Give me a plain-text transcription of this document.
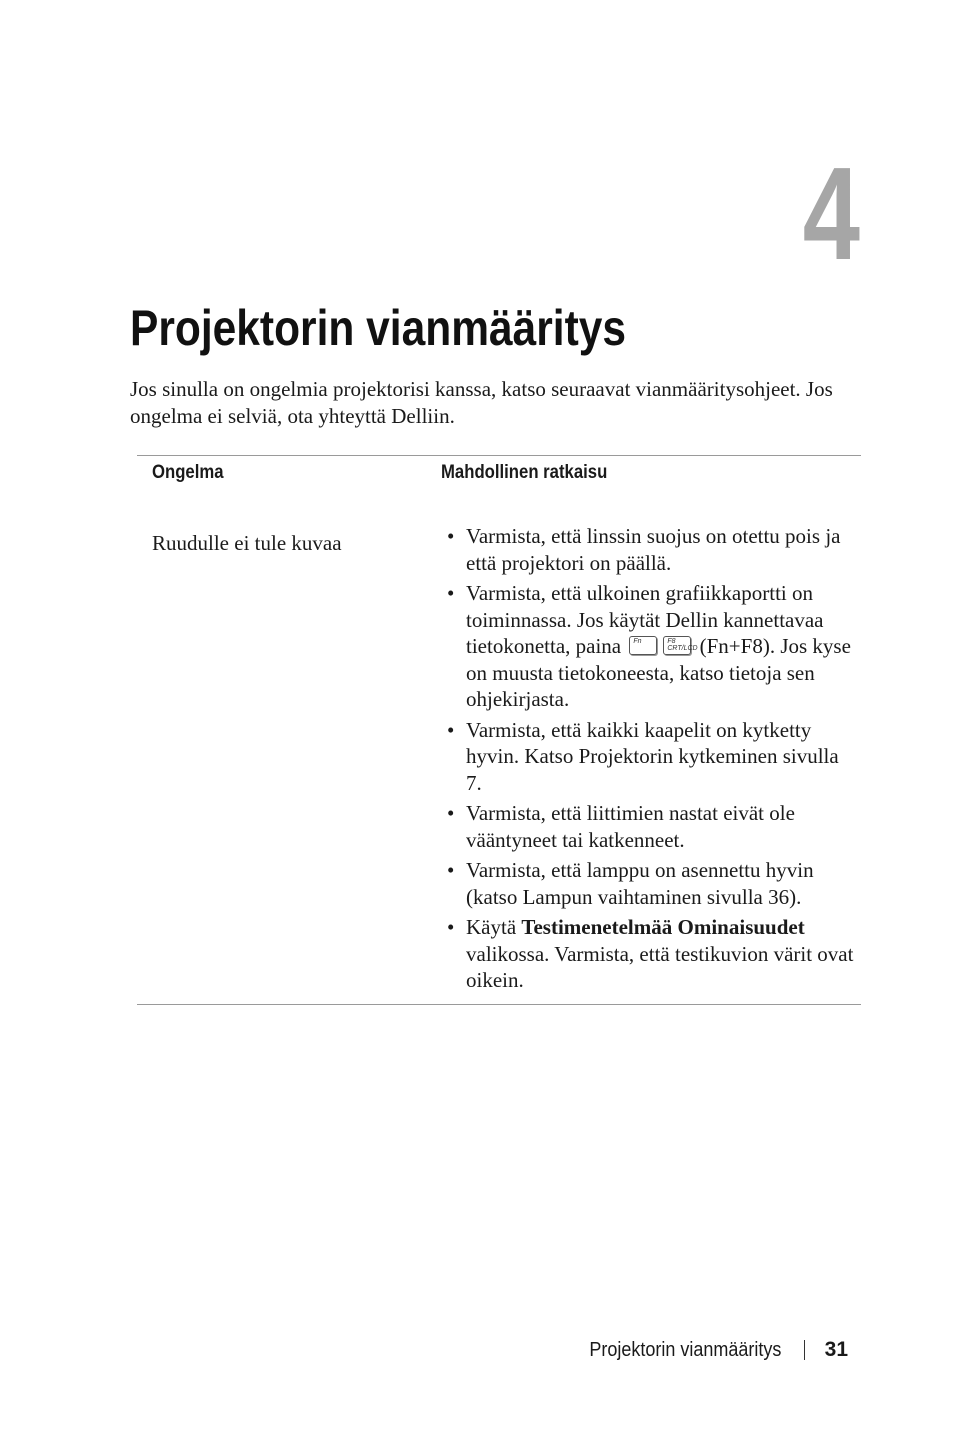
4
Projektorin vianmääritys

Jos sinulla on ongelmia projektorisi kanssa, katso seuraavat vianmääritysohjeet. Jos ongelma ei selviä, ota yhteyttä Delliin.

Ongelma	Mahdollinen ratkaisu
Ruudulle ei tule kuvaa
•	Varmista, että linssin suojus on otettu pois ja että projektori on päällä.
• Varmista, että ulkoinen grafiikkaportti on toiminnassa. Jos käytät Dellin kannettavaa tietokonetta, paina Fn	F8 CRT/LCD (Fn+F8). Jos kyse on muusta tietokoneesta, katso tietoja sen ohjekirjasta.
• Varmista, että kaikki kaapelit on kytketty hyvin. Katso Projektorin kytkeminen sivulla 7.
• Varmista, että liittimien nastat eivät ole vääntyneet tai katkenneet.
• Varmista, että lamppu on asennettu hyvin (katso Lampun vaihtaminen sivulla 36).
• Käytä Testimenetelmää Ominaisuudet valikossa. Varmista, että testikuvion värit ovat oikein.
Projektorin vianmääritys 31
